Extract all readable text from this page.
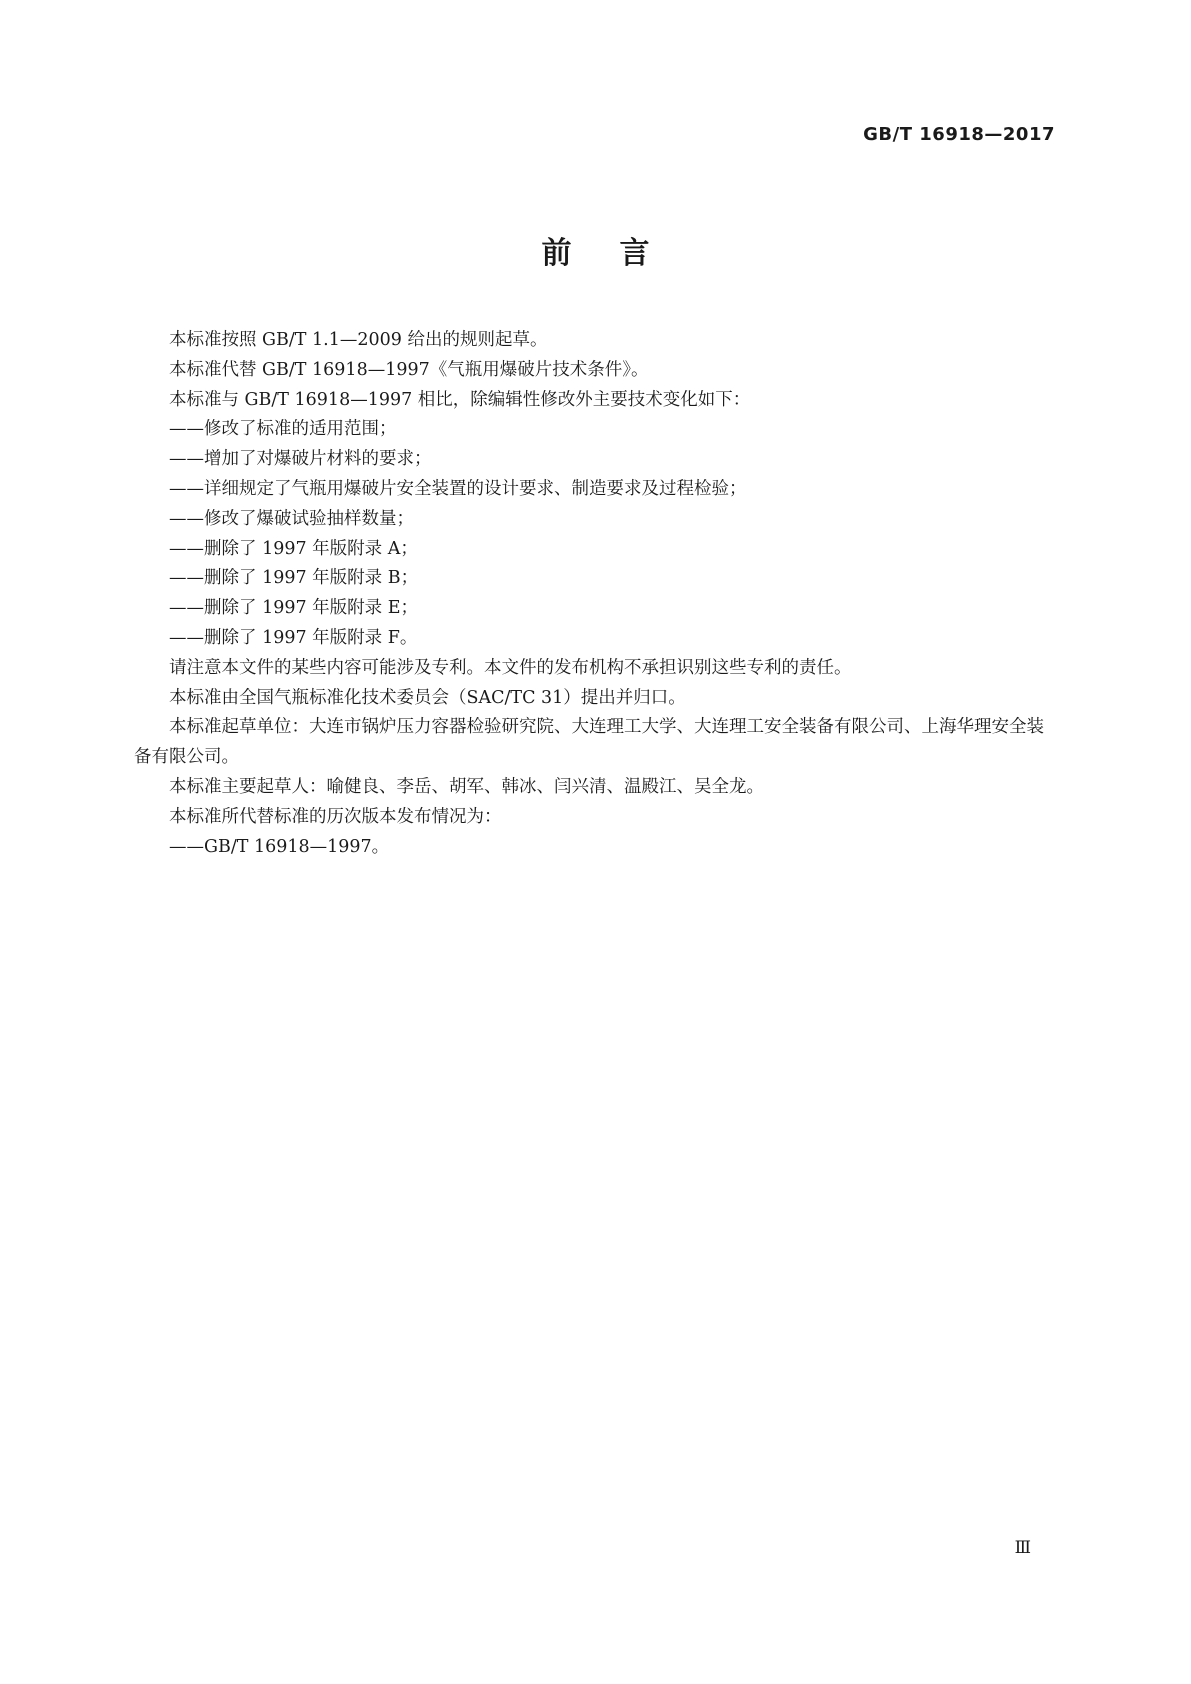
GB/T 16918—2017
前言

本标准按照 GB/T 1.1—2009 给出的规则起草。

本标准代替 GB/T 16918—1997《气瓶用爆破片技术条件》。

本标准与 GB/T 16918—1997 相比，除编辑性修改外主要技术变化如下：

——修改了标准的适用范围；

——增加了对爆破片材料的要求；

——详细规定了气瓶用爆破片安全装置的设计要求、制造要求及过程检验；

——修改了爆破试验抽样数量；

——删除了 1997 年版附录 A；

——删除了 1997 年版附录 B；

——删除了 1997 年版附录 E；

——删除了 1997 年版附录 F。

请注意本文件的某些内容可能涉及专利。本文件的发布机构不承担识别这些专利的责任。

本标准由全国气瓶标准化技术委员会（SAC/TC 31）提出并归口。

本标准起草单位：大连市锅炉压力容器检验研究院、大连理工大学、大连理工安全装备有限公司、上海华理安全装备有限公司。

本标准主要起草人：喻健良、李岳、胡军、韩冰、闫兴清、温殿江、吴全龙。

本标准所代替标准的历次版本发布情况为：

——GB/T 16918—1997。

Ⅲ
